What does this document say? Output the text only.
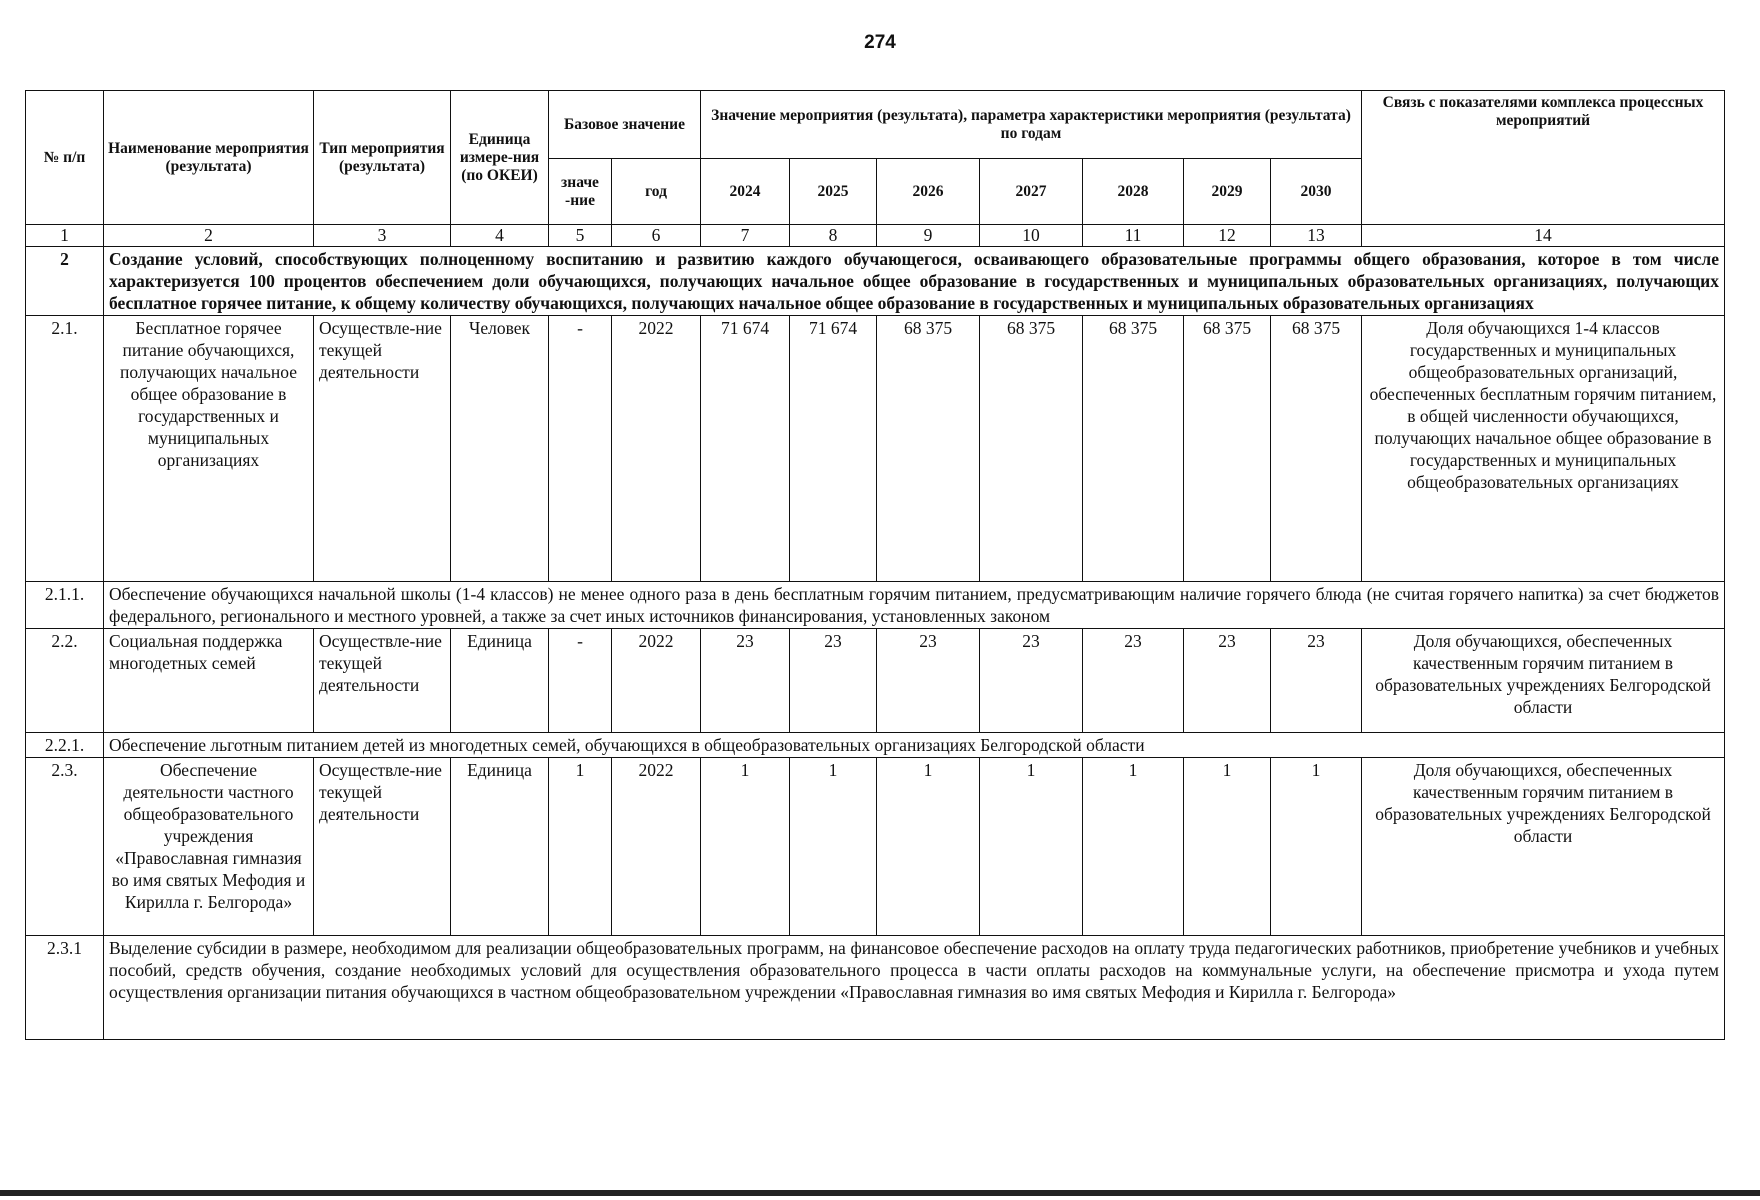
274
№ п/п	Наименование мероприятия (результата)	Тип мероприятия (результата)	Единица измере-ния (по ОКЕИ)	Базовое значение		Значение мероприятия (результата), параметра характеристики мероприятия (результата) по годам							Связь с показателями комплекса процессных мероприятий
				значе -ние	год	2024	2025	2026	2027	2028	2029	2030	
1	2	3	4	5	6	7	8	9	10	11	12	13	14
2	Создание условий, способствующих полноценному воспитанию и развитию каждого обучающегося, осваивающего образовательные программы общего образования, которое в том числе характеризуется 100 процентов обеспечением доли обучающихся, получающих начальное общее образование в государственных и муниципальных образовательных организациях, получающих бесплатное горячее питание, к общему количеству обучающихся, получающих начальное общее образование в государственных и муниципальных образовательных организациях												
2.1.	Бесплатное горячее питание обучающихся, получающих начальное общее образование в государственных и муниципальных организациях	Осуществле-ние текущей деятельности	Человек	-	2022	71 674	71 674	68 375	68 375	68 375	68 375	68 375	Доля обучающихся 1-4 классов государственных и муниципальных общеобразовательных организаций, обеспеченных бесплатным горячим питанием, в общей численности обучающихся, получающих начальное общее образование в государственных и муниципальных общеобразовательных организациях
2.1.1.	Обеспечение обучающихся начальной школы (1-4 классов) не менее одного раза в день бесплатным горячим питанием, предусматривающим наличие горячего блюда (не считая горячего напитка) за счет бюджетов федерального, регионального и местного уровней, а также за счет иных источников финансирования, установленных законом												
2.2.	Социальная поддержка многодетных семей	Осуществле-ние текущей деятельности	Единица	-	2022	23	23	23	23	23	23	23	Доля обучающихся, обеспеченных качественным горячим питанием в образовательных учреждениях Белгородской области
2.2.1.	Обеспечение льготным питанием детей из многодетных семей, обучающихся в общеобразовательных организациях Белгородской области												
2.3.	Обеспечение деятельности частного общеобразовательного учреждения «Православная гимназия во имя святых Мефодия и Кирилла г. Белгорода»	Осуществле-ние текущей деятельности	Единица	1	2022	1	1	1	1	1	1	1	Доля обучающихся, обеспеченных качественным горячим питанием в образовательных учреждениях Белгородской области
2.3.1	Выделение субсидии в размере, необходимом для реализации общеобразовательных программ, на финансовое обеспечение расходов на оплату труда педагогических работников, приобретение учебников и учебных пособий, средств обучения, создание необходимых условий для осуществления образовательного процесса в части оплаты расходов на коммунальные услуги, на обеспечение присмотра и ухода путем осуществления организации питания обучающихся в частном общеобразовательном учреждении «Православная гимназия во имя святых Мефодия и Кирилла г. Белгорода»												
